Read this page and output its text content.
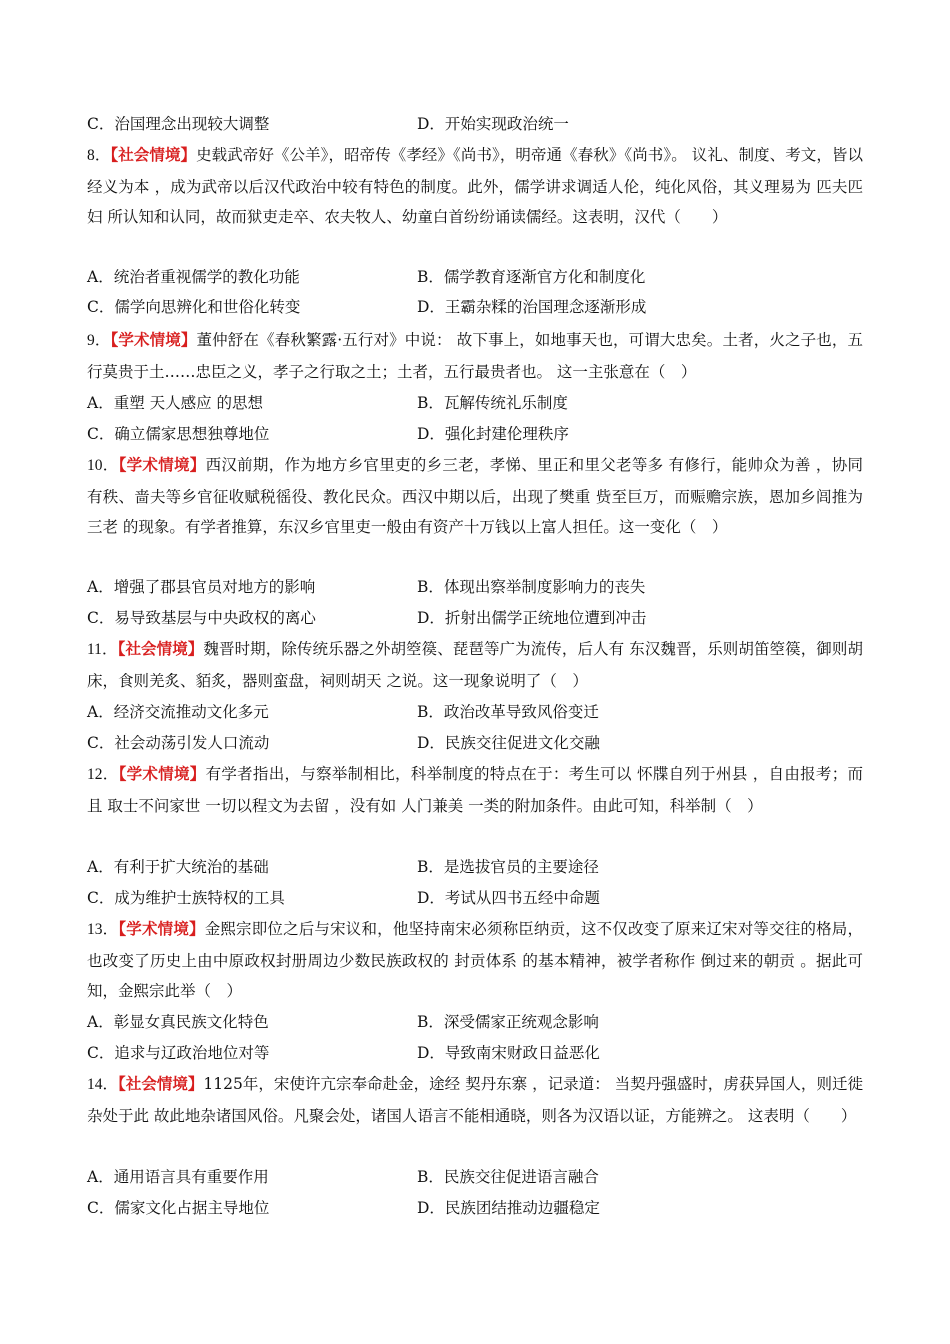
C．治国理念出现较大调整	D．开始实现政治统一
8．【社会情境】史载武帝好《公羊》，昭帝传《孝经》《尚书》，明帝通《春秋》《尚书》。 议礼、制度、考文，皆以经义为本 ，成为武帝以后汉代政治中较有特色的制度。此外，儒学讲求调适人伦，纯化风俗，其义理易为 匹夫匹妇 所认知和认同，故而狱吏走卒、农夫牧人、幼童白首纷纷诵读儒经。这表明，汉代（　　）
A．统治者重视儒学的教化功能	B．儒学教育逐渐官方化和制度化
C．儒学向思辨化和世俗化转变	D．王霸杂糅的治国理念逐渐形成
9．【学术情境】董仲舒在《春秋繁露·五行对》中说： 故下事上，如地事天也，可谓大忠矣。土者，火之子也，五行莫贵于土……忠臣之义，孝子之行取之土；土者，五行最贵者也。 这一主张意在（　）
A．重塑 天人感应 的思想	B．瓦解传统礼乐制度
C．确立儒家思想独尊地位	D．强化封建伦理秩序
10．【学术情境】西汉前期，作为地方乡官里吏的乡三老，孝悌、里正和里父老等多 有修行，能帅众为善 ，协同有秩、啬夫等乡官征收赋税徭役、教化民众。西汉中期以后，出现了樊重 赀至巨万，而赈赡宗族，恩加乡闾推为三老 的现象。有学者推算，东汉乡官里吏一般由有资产十万钱以上富人担任。这一变化（　）
A．增强了郡县官员对地方的影响	B．体现出察举制度影响力的丧失
C．易导致基层与中央政权的离心	D．折射出儒学正统地位遭到冲击
11．【社会情境】魏晋时期，除传统乐器之外胡箜篌、琵琶等广为流传，后人有 东汉魏晋，乐则胡笛箜篌，御则胡床，食则羌炙、貊炙，器则蛮盘，祠则胡天 之说。这一现象说明了（　）
A．经济交流推动文化多元	B．政治改革导致风俗变迁
C．社会动荡引发人口流动	D．民族交往促进文化交融
12．【学术情境】有学者指出，与察举制相比，科举制度的特点在于：考生可以 怀牒自列于州县 ，自由报考；而且 取士不问家世 一切以程文为去留 ，没有如 人门兼美 一类的附加条件。由此可知，科举制（　）
A．有利于扩大统治的基础	B．是选拔官员的主要途径
C．成为维护士族特权的工具	D．考试从四书五经中命题
13．【学术情境】金熙宗即位之后与宋议和，他坚持南宋必须称臣纳贡，这不仅改变了原来辽宋对等交往的格局，也改变了历史上由中原政权封册周边少数民族政权的 封贡体系 的基本精神，被学者称作 倒过来的朝贡 。据此可知，金熙宗此举（　）
A．彰显女真民族文化特色	B．深受儒家正统观念影响
C．追求与辽政治地位对等	D．导致南宋财政日益恶化
14．【社会情境】1125年，宋使许亢宗奉命赴金，途经 契丹东寨 ，记录道： 当契丹强盛时，虏获异国人，则迁徙杂处于此 故此地杂诸国风俗。凡聚会处，诸国人语言不能相通晓，则各为汉语以证，方能辨之。 这表明（　　）
A．通用语言具有重要作用	B．民族交往促进语言融合
C．儒家文化占据主导地位	D．民族团结推动边疆稳定
